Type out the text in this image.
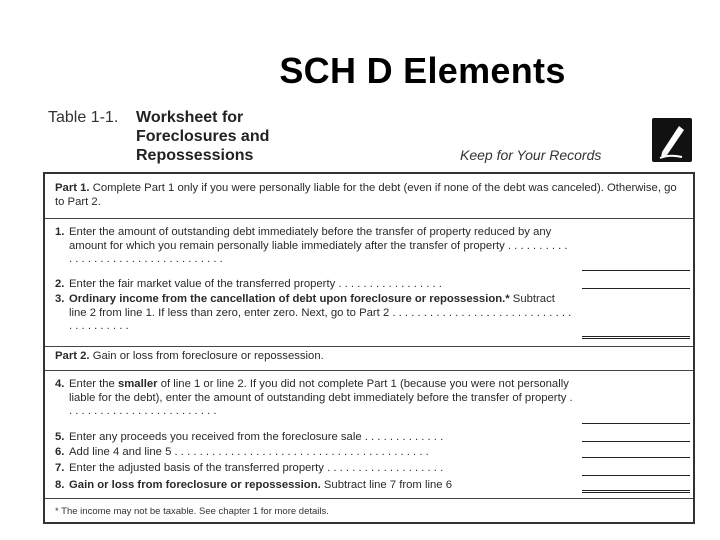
SCH D Elements
Table 1-1. Worksheet for Foreclosures and Repossessions	Keep for Your Records
Part 1. Complete Part 1 only if you were personally liable for the debt (even if none of the debt was canceled). Otherwise, go to Part 2.
1. Enter the amount of outstanding debt immediately before the transfer of property reduced by any amount for which you remain personally liable immediately after the transfer of property . . . . . . . . . . . . . . . . . . . . . . . . . . . . . . . . . . .
2. Enter the fair market value of the transferred property . . . . . . . . . . . . . . . . .
3. Ordinary income from the cancellation of debt upon foreclosure or repossession.* Subtract line 2 from line 1. If less than zero, enter zero. Next, go to Part 2 . . . . . . . . . . . . . . . . . . . . . . . . . . . . . . . . . . . . . . .
Part 2. Gain or loss from foreclosure or repossession.
4. Enter the smaller of line 1 or line 2. If you did not complete Part 1 (because you were not personally liable for the debt), enter the amount of outstanding debt immediately before the transfer of property . . . . . . . . . . . . . . . . . . . . . . . . .
5. Enter any proceeds you received from the foreclosure sale . . . . . . . . . . . . .
6. Add line 4 and line 5 . . . . . . . . . . . . . . . . . . . . . . . . . . . . . . . . . . . . . . . . .
7. Enter the adjusted basis of the transferred property . . . . . . . . . . . . . . . . . . .
8. Gain or loss from foreclosure or repossession. Subtract line 7 from line 6
* The income may not be taxable. See chapter 1 for more details.
